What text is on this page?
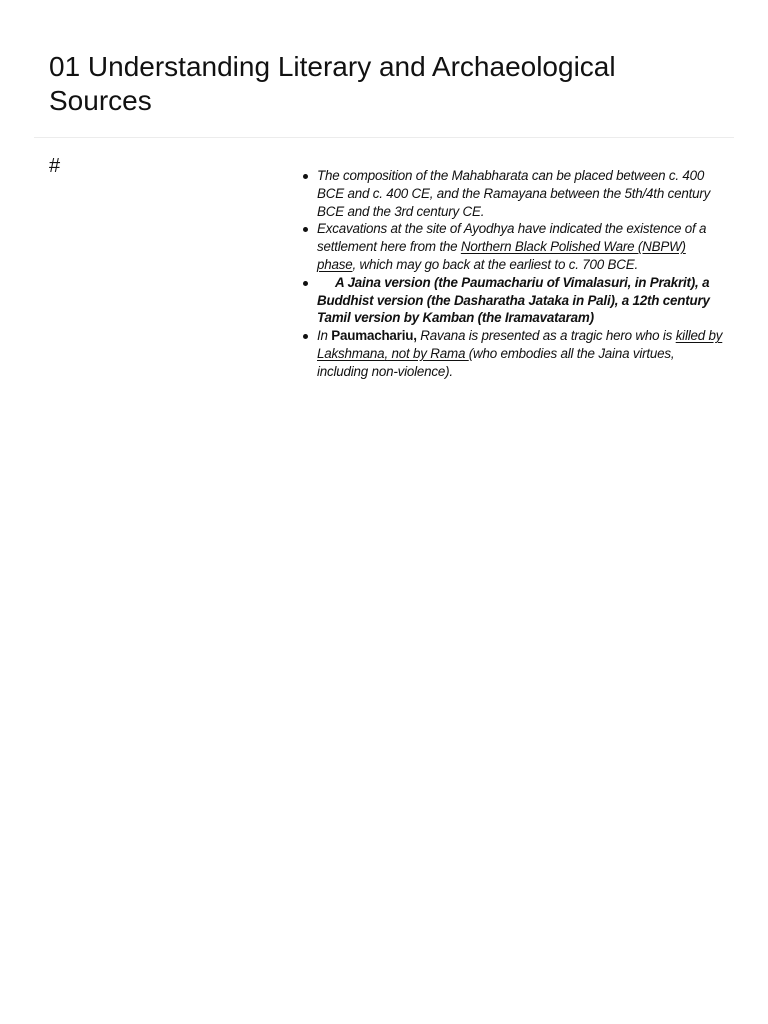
01 Understanding Literary and Archaeological Sources
#	The composition of the Mahabharata can be placed between c. 400 BCE and c. 400 CE, and the Ramayana between the 5th/4th century BCE and the 3rd century CE.
Excavations at the site of Ayodhya have indicated the existence of a settlement here from the Northern Black Polished Ware (NBPW) phase, which may go back at the earliest to c. 700 BCE.
A Jaina version (the Paumachariu of Vimalasuri, in Prakrit), a Buddhist version (the Dasharatha Jataka in Pali), a 12th century Tamil version by Kamban (the Iramavataram)
In Paumachariu, Ravana is presented as a tragic hero who is killed by Lakshmana, not by Rama (who embodies all the Jaina virtues, including non-violence).
